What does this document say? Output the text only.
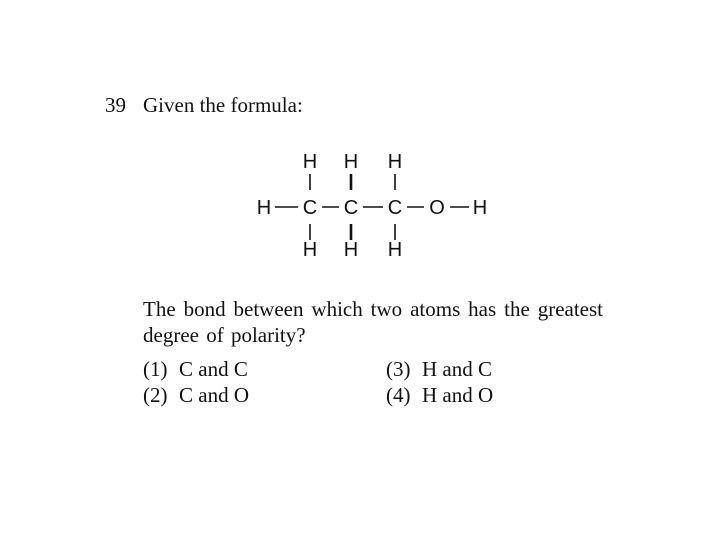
39 Given the formula:
H H H
H C C C O H
H H H
The bond between which two atoms has the greatest degree of polarity?
(1) C and C
(2) C and O
(3) H and C
(4) H and O
